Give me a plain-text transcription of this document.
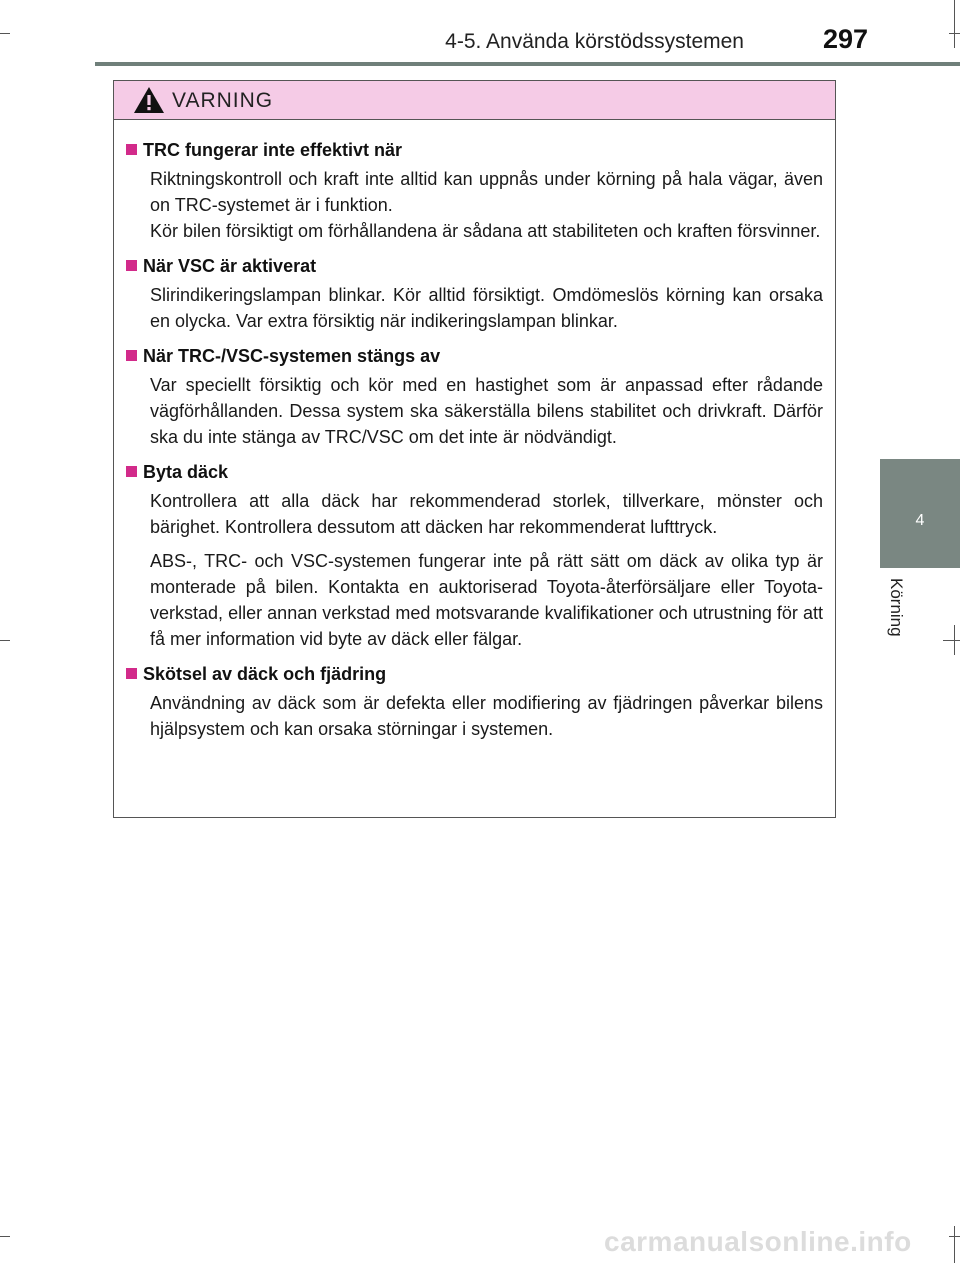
4-5. Använda körstödssystemen	297
4
Körning
VARNING
TRC fungerar inte effektivt när
Riktningskontroll och kraft inte alltid kan uppnås under körning på hala vägar, även on TRC-systemet är i funktion.
Kör bilen försiktigt om förhållandena är sådana att stabiliteten och kraften försvinner.
När VSC är aktiverat
Slirindikeringslampan blinkar. Kör alltid försiktigt. Omdömeslös körning kan orsaka en olycka. Var extra försiktig när indikeringslampan blinkar.
När TRC-/VSC-systemen stängs av
Var speciellt försiktig och kör med en hastighet som är anpassad efter rådande vägförhållanden. Dessa system ska säkerställa bilens stabilitet och drivkraft. Därför ska du inte stänga av TRC/VSC om det inte är nödvändigt.
Byta däck
Kontrollera att alla däck har rekommenderad storlek, tillverkare, mönster och bärighet. Kontrollera dessutom att däcken har rekommenderat lufttryck.
ABS-, TRC- och VSC-systemen fungerar inte på rätt sätt om däck av olika typ är monterade på bilen. Kontakta en auktoriserad Toyota-återförsäljare eller Toyota-verkstad, eller annan verkstad med motsvarande kvalifikationer och utrustning för att få mer information vid byte av däck eller fälgar.
Skötsel av däck och fjädring
Användning av däck som är defekta eller modifiering av fjädringen påverkar bilens hjälpsystem och kan orsaka störningar i systemen.
carmanualsonline.info
